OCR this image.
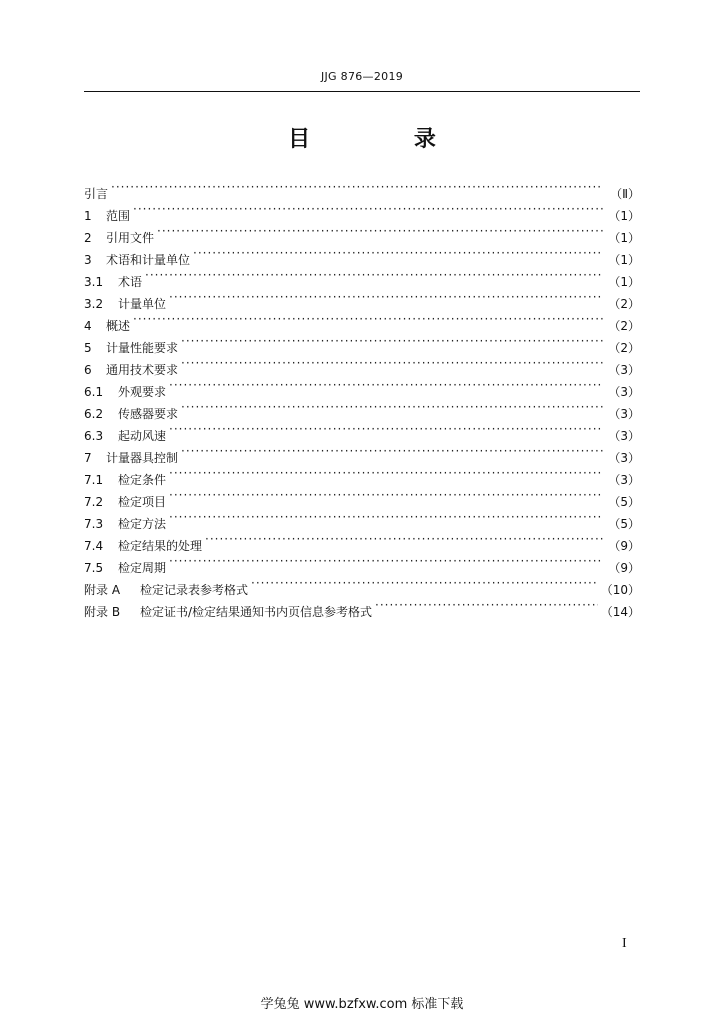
JJG 876—2019
目 录
引言 ·····	（Ⅱ）
1	范围 ·····	（1）
2	引用文件 ·····	（1）
3	术语和计量单位 ·····	（1）
3.1	术语 ·····	（1）
3.2	计量单位 ·····	（2）
4	概述 ·····	（2）
5	计量性能要求 ·····	（2）
6	通用技术要求 ·····	（3）
6.1	外观要求 ·····	（3）
6.2	传感器要求 ·····	（3）
6.3	起动风速 ·····	（3）
7	计量器具控制 ·····	（3）
7.1	检定条件 ·····	（3）
7.2	检定项目 ·····	（5）
7.3	检定方法 ·····	（5）
7.4	检定结果的处理 ·····	（9）
7.5	检定周期 ·····	（9）
附录 A	检定记录表参考格式 ·····	（10）
附录 B	检定证书/检定结果通知书内页信息参考格式 ·····	（14）
I
学兔兔 www.bzfxw.com 标准下载
